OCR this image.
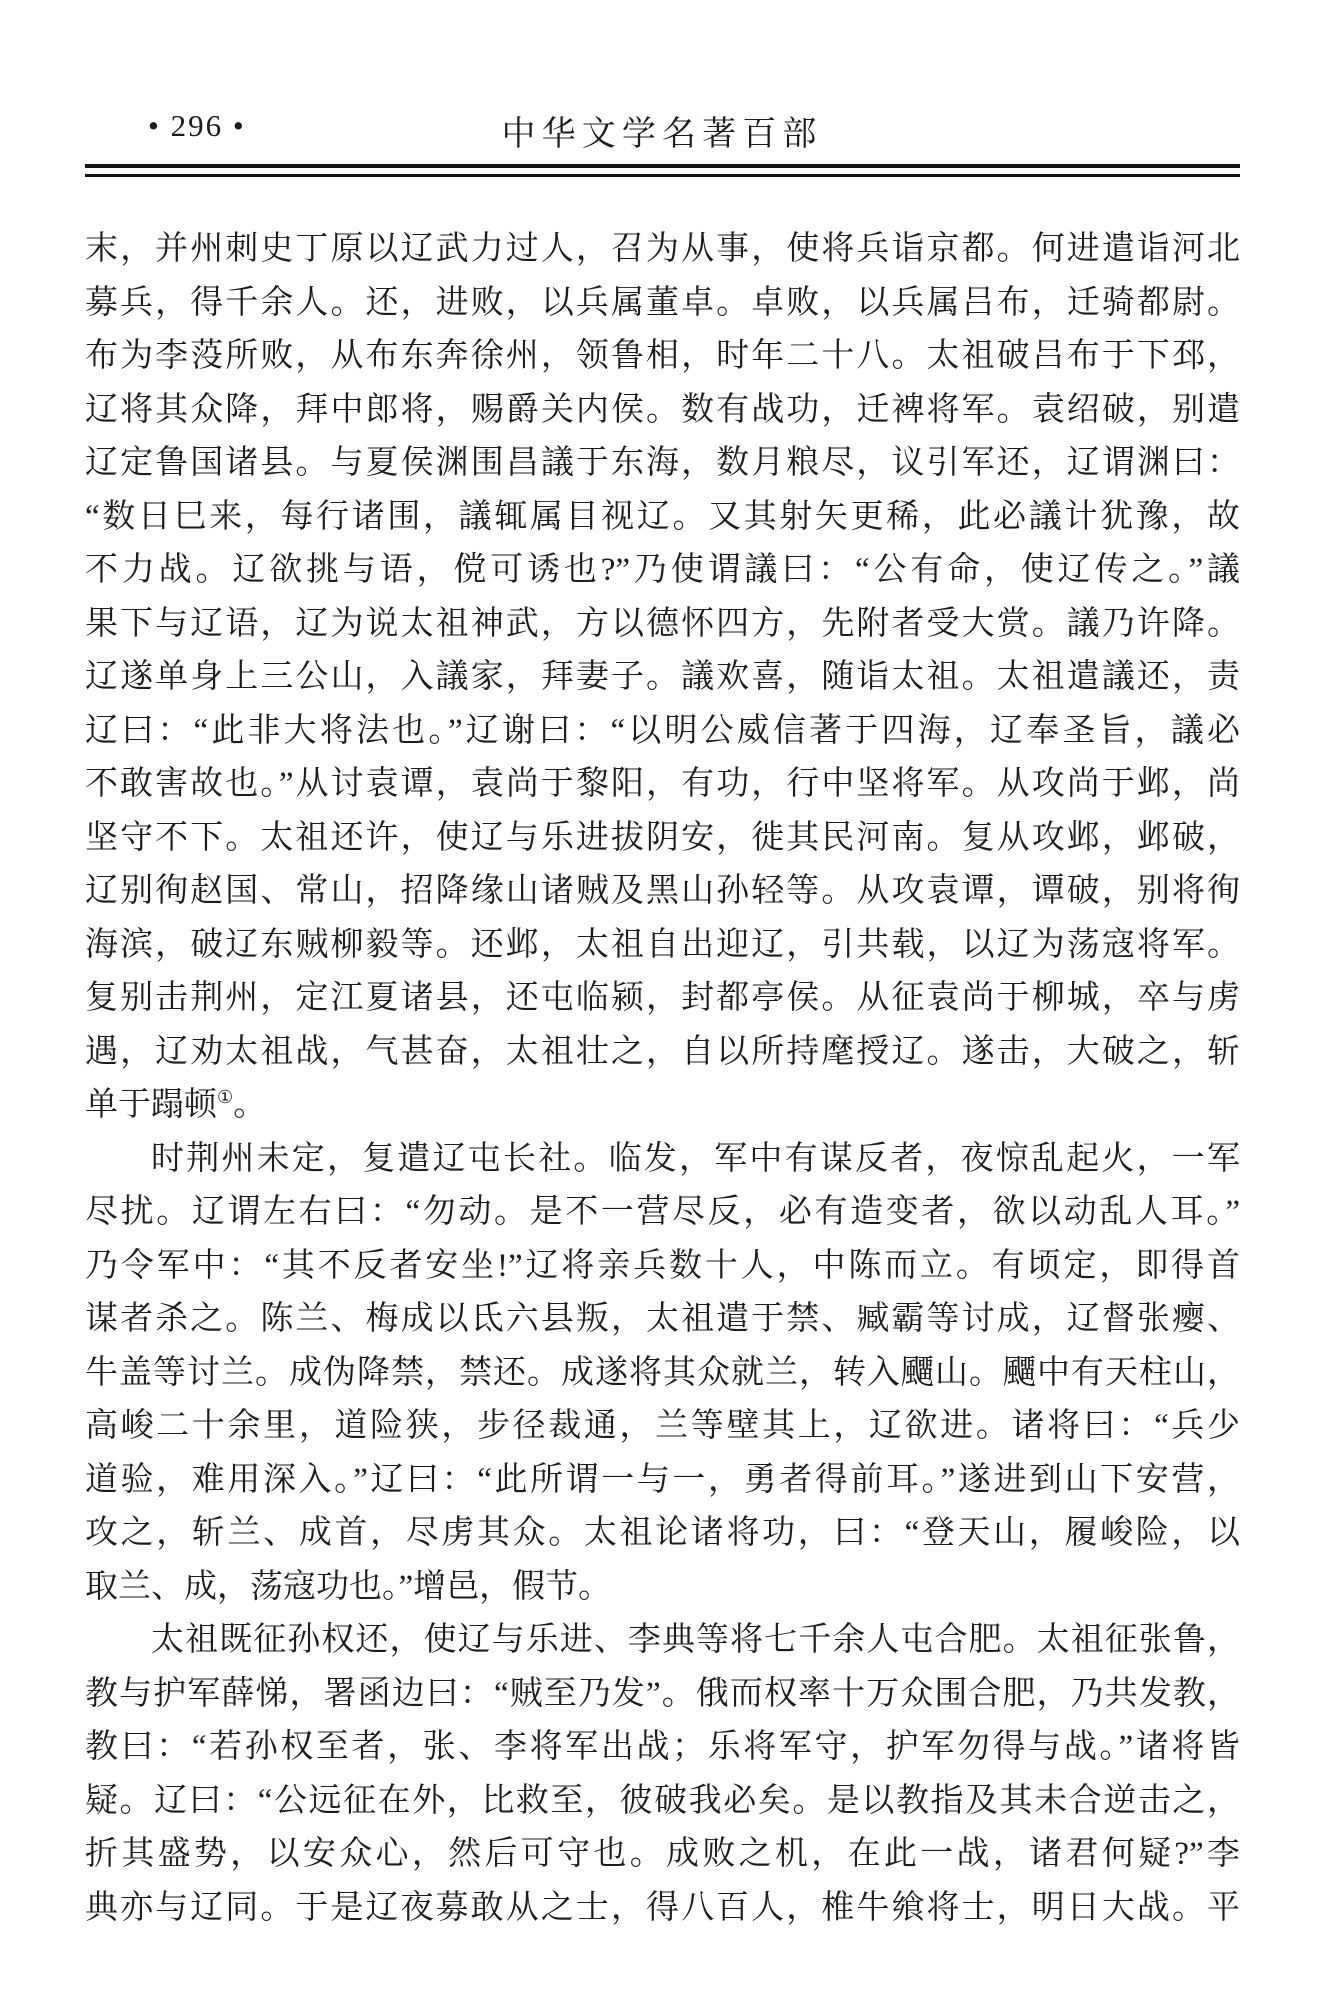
• 296 •	中华文学名著百部
末，并州刺史丁原以辽武力过人，召为从事，使将兵诣京都。何进遣诣河北
募兵，得千余人。还，进败，以兵属董卓。卓败，以兵属吕布，迁骑都尉。
布为李莈所败，从布东奔徐州，领鲁相，时年二十八。太祖破吕布于下邳，
辽将其众降，拜中郎将，赐爵关内侯。数有战功，迁裨将军。袁绍破，别遣
辽定鲁国诸县。与夏侯渊围昌議于东海，数月粮尽，议引军还，辽谓渊曰：
“数日巳来，每行诸围，議辄属目视辽。又其射矢更稀，此必議计犹豫，故
不力战。辽欲挑与语，傥可诱也?”乃使谓議曰：“公有命，使辽传之。”議
果下与辽语，辽为说太祖神武，方以德怀四方，先附者受大赏。議乃许降。
辽遂单身上三公山，入議家，拜妻子。議欢喜，随诣太祖。太祖遣議还，责
辽曰：“此非大将法也。”辽谢曰：“以明公威信著于四海，辽奉圣旨，議必
不敢害故也。”从讨袁谭，袁尚于黎阳，有功，行中坚将军。从攻尚于邺，尚
坚守不下。太祖还许，使辽与乐进拔阴安，徙其民河南。复从攻邺，邺破，
辽别徇赵国、常山，招降缘山诸贼及黑山孙轻等。从攻袁谭，谭破，别将徇
海滨，破辽东贼柳毅等。还邺，太祖自出迎辽，引共载，以辽为荡寇将军。
复别击荆州，定江夏诸县，还屯临颍，封都亭侯。从征袁尚于柳城，卒与虏
遇，辽劝太祖战，气甚奋，太祖壮之，自以所持麾授辽。遂击，大破之，斩
单于蹋顿①。
时荆州未定，复遣辽屯长社。临发，军中有谋反者，夜惊乱起火，一军
尽扰。辽谓左右曰：“勿动。是不一营尽反，必有造变者，欲以动乱人耳。”
乃令军中：“其不反者安坐!”辽将亲兵数十人，中陈而立。有顷定，即得首
谋者杀之。陈兰、梅成以氐六县叛，太祖遣于禁、臧霸等讨成，辽督张瘿、
牛盖等讨兰。成伪降禁，禁还。成遂将其众就兰，转入飅山。飅中有天柱山，
高峻二十余里，道险狭，步径裁通，兰等壁其上，辽欲进。诸将曰：“兵少
道验，难用深入。”辽曰：“此所谓一与一，勇者得前耳。”遂进到山下安营，
攻之，斩兰、成首，尽虏其众。太祖论诸将功，曰：“登天山，履峻险，以
取兰、成，荡寇功也。”增邑，假节。
太祖既征孙权还，使辽与乐进、李典等将七千余人屯合肥。太祖征张鲁，
教与护军薛悌，署函边曰：“贼至乃发”。俄而权率十万众围合肥，乃共发教，
教曰：“若孙权至者，张、李将军出战；乐将军守，护军勿得与战。”诸将皆
疑。辽曰：“公远征在外，比救至，彼破我必矣。是以教指及其未合逆击之，
折其盛势，以安众心，然后可守也。成败之机，在此一战，诸君何疑?”李
典亦与辽同。于是辽夜募敢从之士，得八百人，椎牛飨将士，明日大战。平
